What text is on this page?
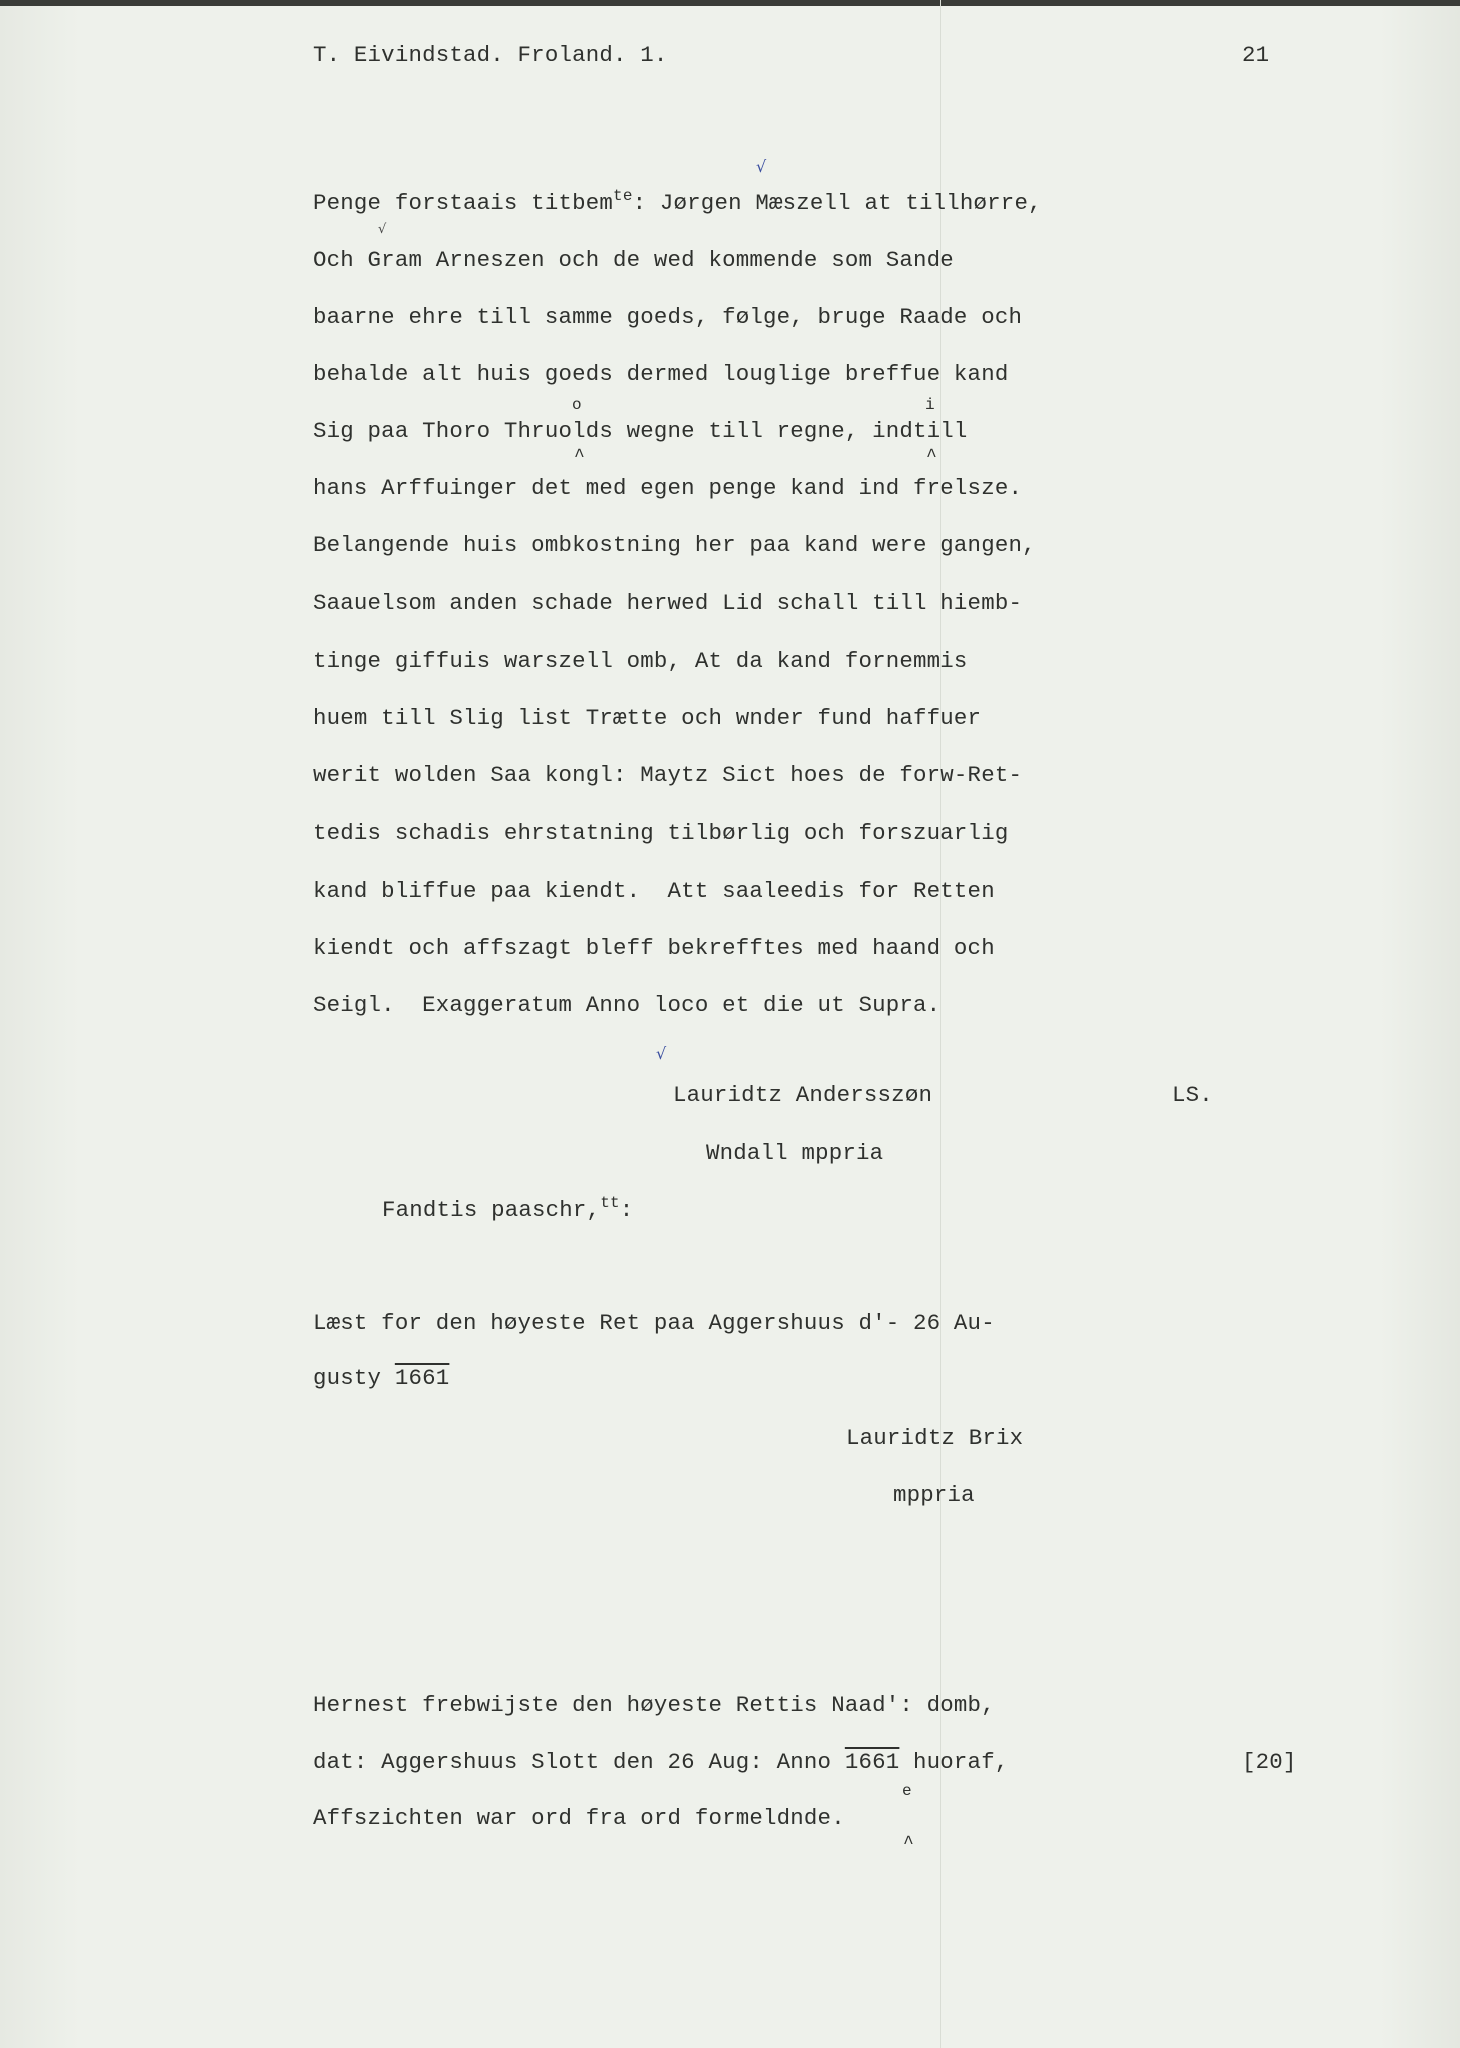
T. Eivindstad. Froland. 1.	21
√
Penge forstaais titbem$^{te}$: Jørgen Mæszell at tillhørre,
√
Och Gram Arneszen och de wed kommende som Sande
baarne ehre till samme goeds, følge, bruge Raade och
behalde alt huis goeds dermed louglige breffue kand
o	i
Sig paa Thoro Thruolds wegne till regne, indtill
^	^
hans Arffuinger det med egen penge kand ind frelsze.
Belangende huis ombkostning her paa kand were gangen,
Saauelsom anden schade herwed Lid schall till hiemb-
tinge giffuis warszell omb, At da kand fornemmis
huem till Slig list Trætte och wnder fund haffuer
werit wolden Saa kongl: Maytz Sict hoes de forw-Ret-
tedis schadis ehrstatning tilbørlig och forszuarlig
kand bliffue paa kiendt.  Att saaleedis for Retten
kiendt och affszagt bleff bekrefftes med haand och
Seigl.  Exaggeratum Anno loco et die ut Supra.
√
Lauridtz Andersszøn	LS.
Wndall mppria
Fandtis paaschr,$^{tt}$:
Læst for den høyeste Ret paa Aggershuus d'- 26 Au-
gusty 1661
Lauridtz Brix
mppria
Hernest frebwijste den høyeste Rettis Naad': domb,
dat: Aggershuus Slott den 26 Aug: Anno 1661 huoraf,	[20]
e
Affszichten war ord fra ord formeldnde.
^
